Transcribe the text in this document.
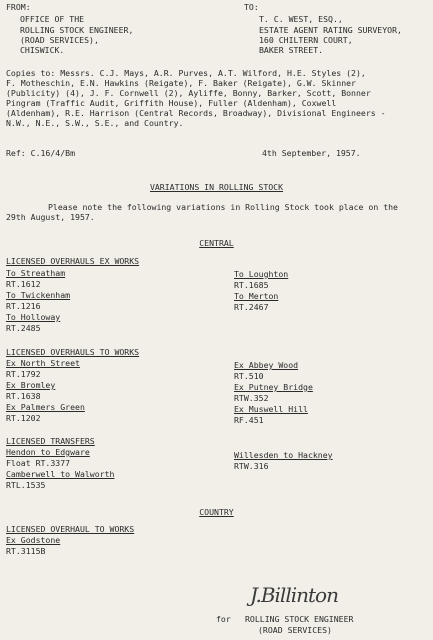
FROM:
OFFICE OF THE
ROLLING STOCK ENGINEER,
(ROAD SERVICES),
CHISWICK.
TO:
T. C. WEST, ESQ.,
ESTATE AGENT RATING SURVEYOR,
160 CHILTERN COURT,
BAKER STREET.
Copies to: Messrs. C.J. Mays, A.R. Purves, A.T. Wilford, H.E. Styles (2),
F. Motheschin, E.N. Hawkins (Reigate), F. Baker (Reigate), G.W. Skinner
(Publicity) (4), J. F. Cornwell (2), Ayliffe, Bonny, Barker, Scott, Bonner
Pingram (Traffic Audit, Griffith House), Fuller (Aldenham), Coxwell
(Aldenham), R.E. Harrison (Central Records, Broadway), Divisional Engineers -
N.W., N.E., S.W., S.E., and Country.
Ref: C.16/4/Bm	4th September, 1957.
VARIATIONS IN ROLLING STOCK
Please note the following variations in Rolling Stock took place on the
29th August, 1957.
CENTRAL
LICENSED OVERHAULS EX WORKS
To Streatham
RT.1612
To Twickenham
RT.1216
To Holloway
RT.2485
To Loughton
RT.1685
To Merton
RT.2467
LICENSED OVERHAULS TO WORKS
Ex North Street
RT.1792
Ex Bromley
RT.1638
Ex Palmers Green
RT.1202
Ex Abbey Wood
RT.510
Ex Putney Bridge
RTW.352
Ex Muswell Hill
RF.451
LICENSED TRANSFERS
Hendon to Edgware
Float RT.3377
Camberwell to Walworth
RTL.1535
Willesden to Hackney
RTW.316
COUNTRY
LICENSED OVERHAUL TO WORKS
Ex Godstone
RT.3115B
J.Billinton
for ROLLING STOCK ENGINEER
(ROAD SERVICES)
